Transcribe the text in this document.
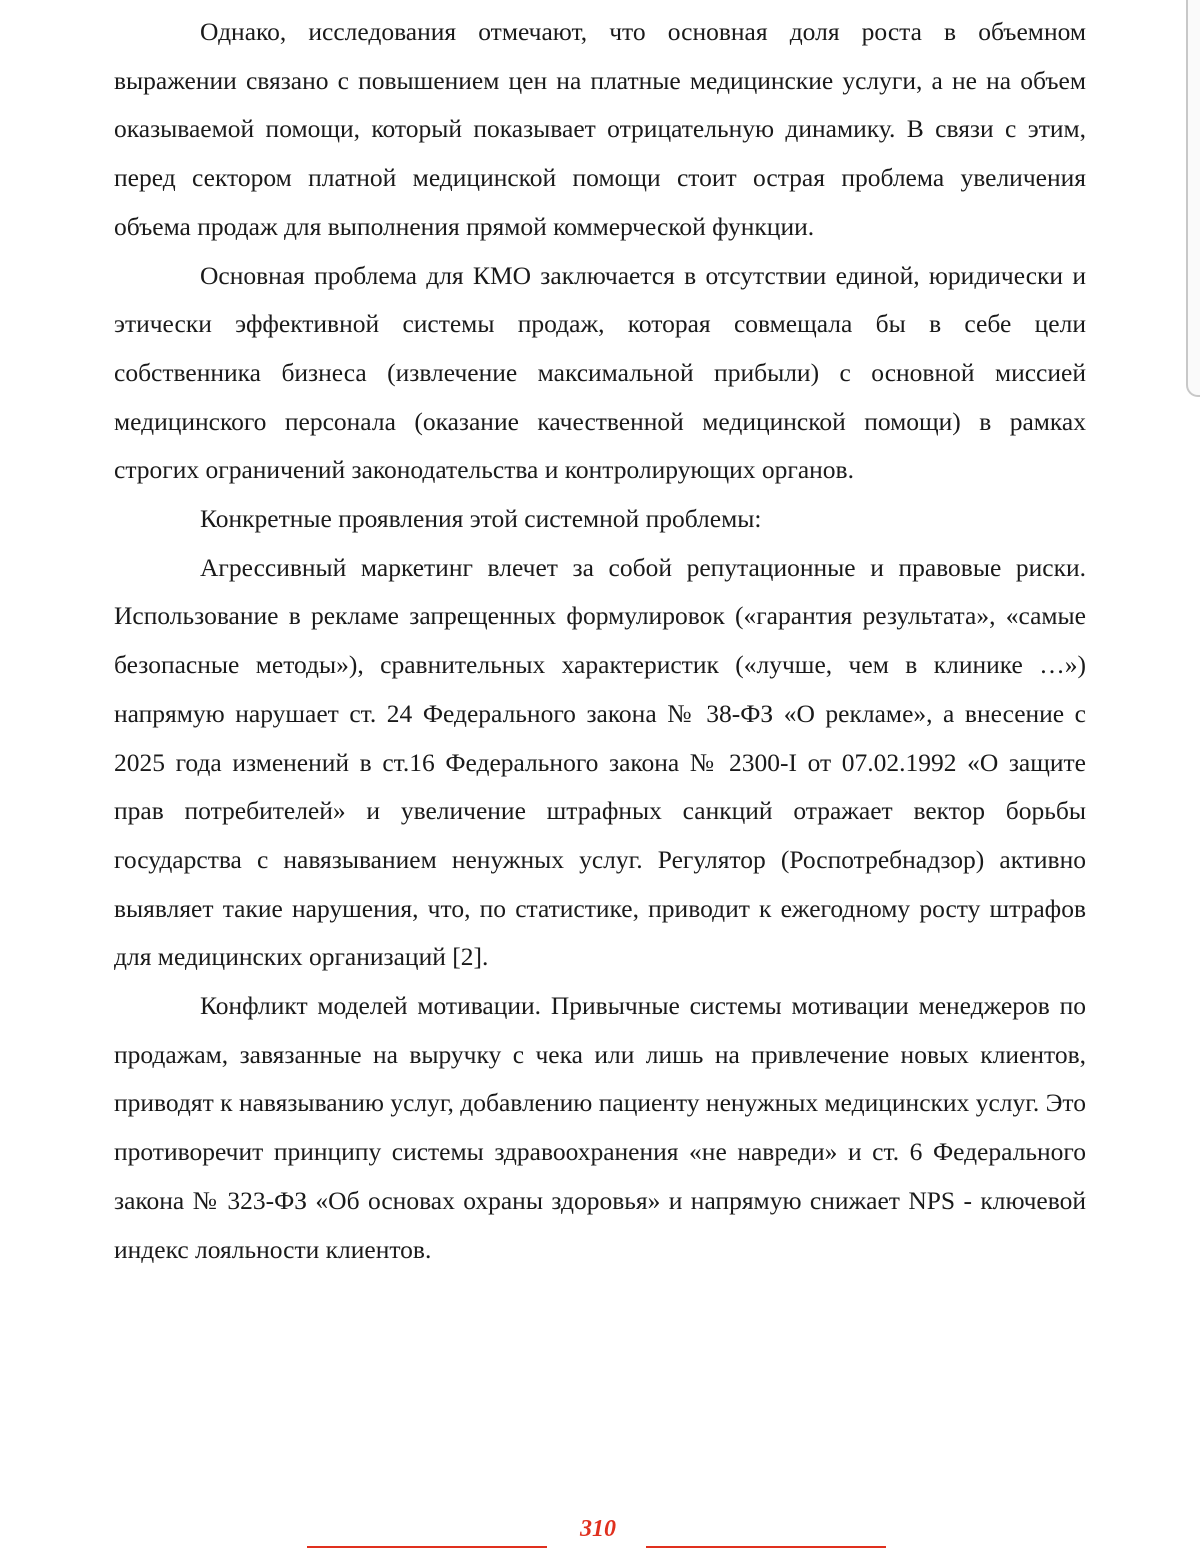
Однако, исследования отмечают, что основная доля роста в объемном выражении связано с повышением цен на платные медицинские услуги, а не на объем оказываемой помощи, который показывает отрицательную динамику. В связи с этим, перед сектором платной медицинской помощи стоит острая проблема увеличения объема продаж для выполнения прямой коммерческой функции.

Основная проблема для КМО заключается в отсутствии единой, юридически и этически эффективной системы продаж, которая совмещала бы в себе цели собственника бизнеса (извлечение максимальной прибыли) с основной миссией медицинского персонала (оказание качественной медицинской помощи) в рамках строгих ограничений законодательства и контролирующих органов.

Конкретные проявления этой системной проблемы:

Агрессивный маркетинг влечет за собой репутационные и правовые риски. Использование в рекламе запрещенных формулировок («гарантия результата», «самые безопасные методы»), сравнительных характеристик («лучше, чем в клинике …») напрямую нарушает ст. 24 Федерального закона № 38-ФЗ «О рекламе», а внесение с 2025 года изменений в ст.16 Федерального закона № 2300-I от 07.02.1992 «О защите прав потребителей» и увеличение штрафных санкций отражает вектор борьбы государства с навязыванием ненужных услуг. Регулятор (Роспотребнадзор) активно выявляет такие нарушения, что, по статистике, приводит к ежегодному росту штрафов для медицинских организаций [2].

Конфликт моделей мотивации. Привычные системы мотивации менеджеров по продажам, завязанные на выручку с чека или лишь на привлечение новых клиентов, приводят к навязыванию услуг, добавлению пациенту ненужных медицинских услуг. Это противоречит принципу системы здравоохранения «не навреди» и ст. 6 Федерального закона № 323-ФЗ «Об основах охраны здоровья» и напрямую снижает NPS - ключевой индекс лояльности клиентов.

310
